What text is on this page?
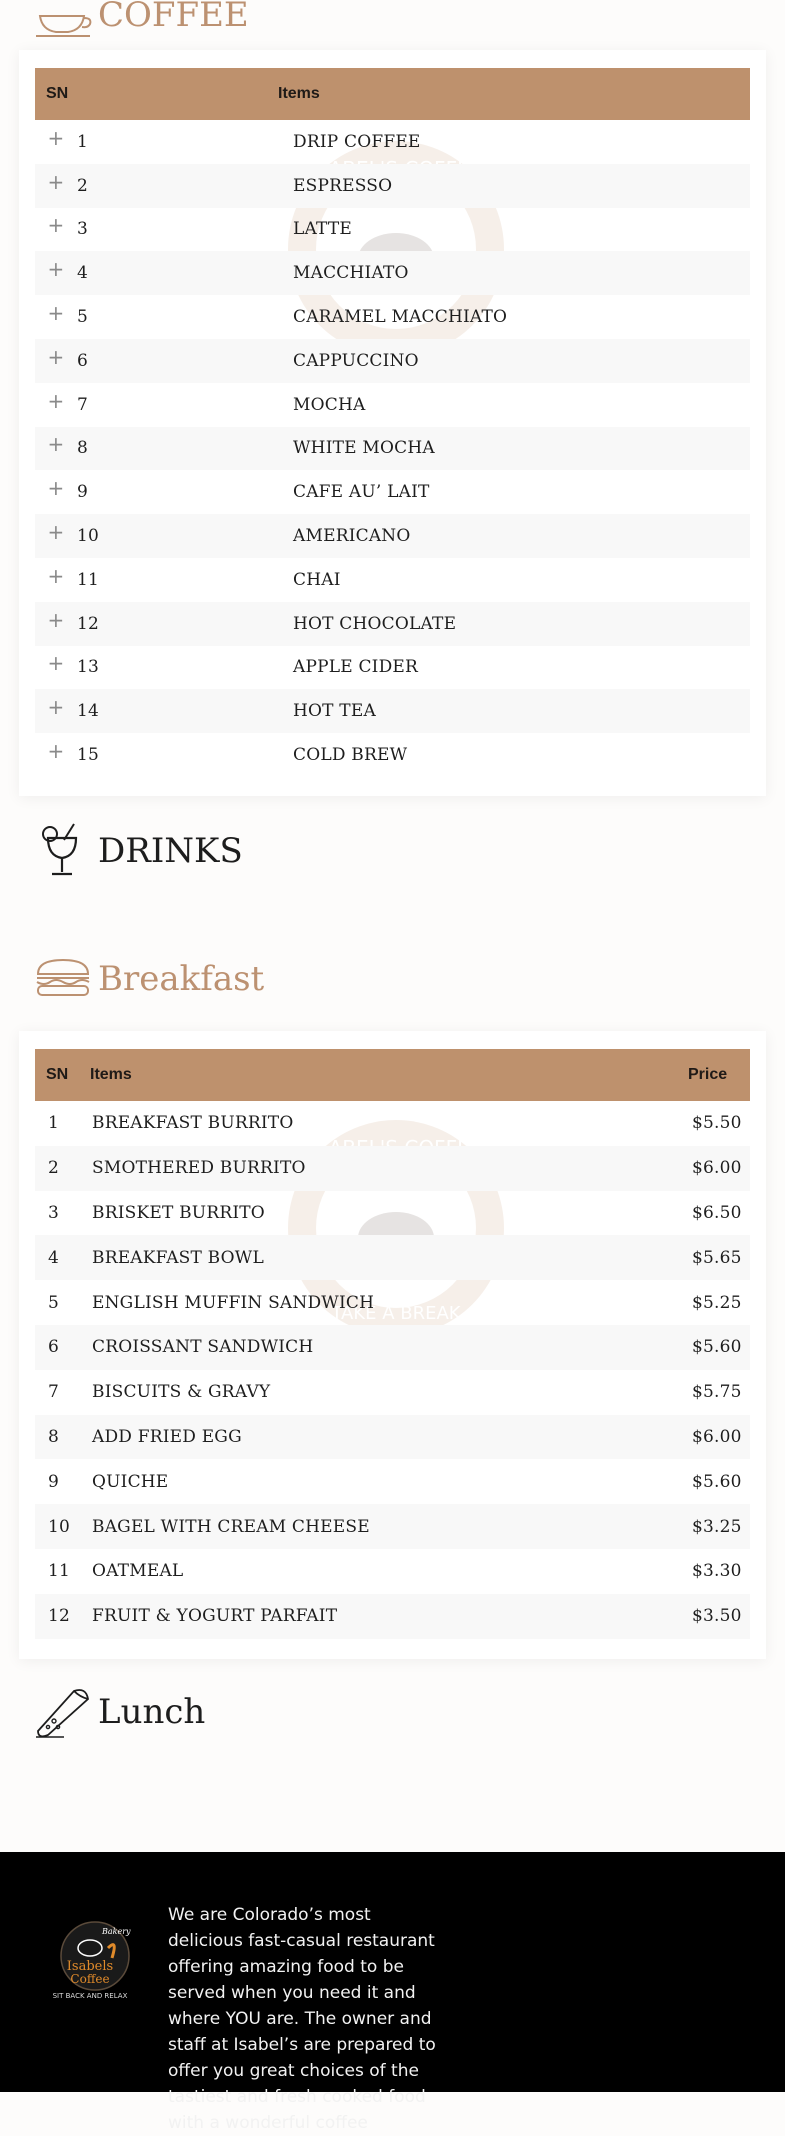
COFFEE
SN	Items
+ 1	DRIP COFFEE
+ 2	ESPRESSO
+ 3	LATTE
+ 4	MACCHIATO
+ 5	CARAMEL MACCHIATO
+ 6	CAPPUCCINO
+ 7	MOCHA
+ 8	WHITE MOCHA
+ 9	CAFE AU’ LAIT
+ 10	AMERICANO
+ 11	CHAI
+ 12	HOT CHOCOLATE
+ 13	APPLE CIDER
+ 14	HOT TEA
+ 15	COLD BREW
DRINKS
Breakfast
TAKE A BREAK
SN	Items	Price
1	BREAKFAST BURRITO	$5.50
2	SMOTHERED BURRITO	$6.00
3	BRISKET BURRITO	$6.50
4	BREAKFAST BOWL	$5.65
5	ENGLISH MUFFIN SANDWICH	$5.25
6	CROISSANT SANDWICH	$5.60
7	BISCUITS & GRAVY	$5.75
8	ADD FRIED EGG	$6.00
9	QUICHE	$5.60
10	BAGEL WITH CREAM CHEESE	$3.25
11	OATMEAL	$3.30
12	FRUIT & YOGURT PARFAIT	$3.50
Lunch
Bakery
Isabels
Coffee
SIT BACK AND RELAX
We are Colorado’s most delicious fast-casual restaurant offering amazing food to be served when you need it and where YOU are. The owner and staff at Isabel’s are prepared to offer you great choices of the tastiest and fresh cooked food with a wonderful coffee
